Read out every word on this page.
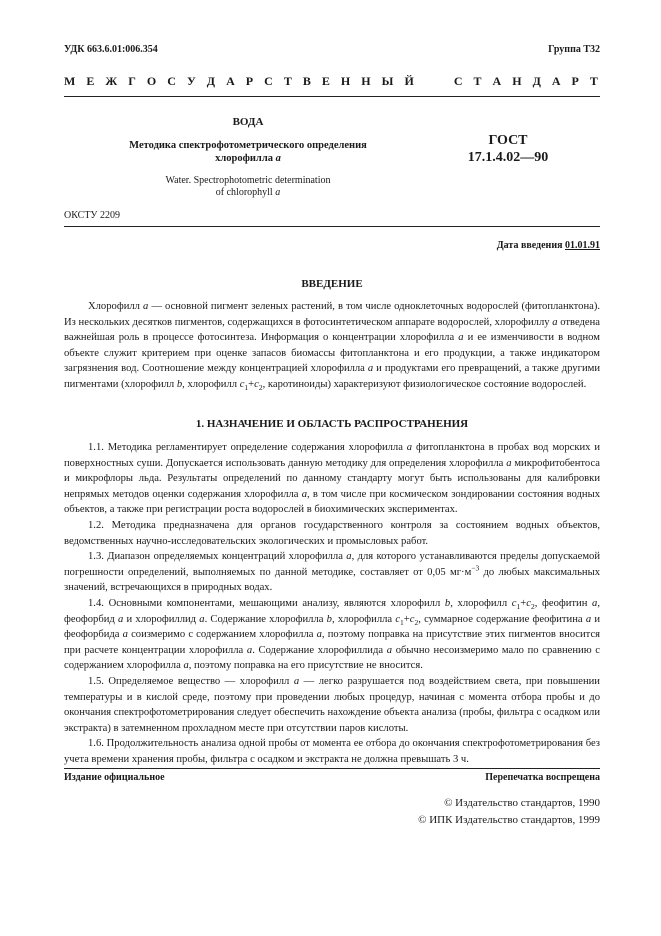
УДК 663.6.01:006.354	Группа Т32
М Е Ж Г О С У Д А Р С Т В Е Н Н Ы Й	С Т А Н Д А Р Т
ВОДА
Методика спектрофотометрического определения
хлорофилла a
Water. Spectrophotometric determination
of chlorophyll a
ГОСТ
17.1.4.02—90
ОКСТУ 2209
Дата введения 01.01.91
ВВЕДЕНИЕ

Хлорофилл а — основной пигмент зеленых растений, в том числе одноклеточных водорослей (фитопланктона). Из нескольких десятков пигментов, содержащихся в фотосинтетическом аппарате водорослей, хлорофиллу а отведена важнейшая роль в процессе фотосинтеза. Информация о концентрации хлорофилла а и ее изменчивости в водном объекте служит критерием при оценке запасов биомассы фитопланктона и его продукции, а также индикатором загрязнения вод. Соотношение между концентрацией хлорофилла а и продуктами его превращений, а также другими пигментами (хлорофилл b, хлорофилл $c_1+c_2$, каротиноиды) характеризуют физиологическое состояние водорослей.

1. НАЗНАЧЕНИЕ И ОБЛАСТЬ РАСПРОСТРАНЕНИЯ

1.1. Методика регламентирует определение содержания хлорофилла а фитопланктона в пробах вод морских и поверхностных суши. Допускается использовать данную методику для определения хлорофилла а микрофитобентоса и микрофлоры льда. Результаты определений по данному стандарту могут быть использованы для калибровки непрямых методов оценки содержания хлорофилла а, в том числе при космическом зондировании состояния водных объектов, а также при регистрации роста водорослей в биохимических экспериментах.

1.2. Методика предназначена для органов государственного контроля за состоянием водных объектов, ведомственных научно-исследовательских экологических и промысловых работ.

1.3. Диапазон определяемых концентраций хлорофилла а, для которого устанавливаются пределы допускаемой погрешности определений, выполняемых по данной методике, составляет от 0,05 $мг\cdot м^{-3}$ до любых максимальных значений, встречающихся в природных водах.

1.4. Основными компонентами, мешающими анализу, являются хлорофилл b, хлорофилл $c_1+c_2$, феофитин а, феофорбид а и хлорофиллид а. Содержание хлорофилла b, хлорофилла $c_1+c_2$, суммарное содержание феофитина а и феофорбида а соизмеримо с содержанием хлорофилла а, поэтому поправка на присутствие этих пигментов вносится при расчете концентрации хлорофилла а. Содержание хлорофиллида а обычно несоизмеримо мало по сравнению с содержанием хлорофилла а, поэтому поправка на его присутствие не вносится.

1.5. Определяемое вещество — хлорофилл а — легко разрушается под воздействием света, при повышении температуры и в кислой среде, поэтому при проведении любых процедур, начиная с момента отбора пробы и до окончания спектрофотометрирования следует обеспечить нахождение объекта анализа (пробы, фильтра с осадком или экстракта) в затемненном прохладном месте при отсутствии паров кислоты.

1.6. Продолжительность анализа одной пробы от момента ее отбора до окончания спектрофотометрирования без учета времени хранения пробы, фильтра с осадком и экстракта не должна превышать 3 ч.

Издание официальное	Перепечатка воспрещена
© Издательство стандартов, 1990
© ИПК Издательство стандартов, 1999
